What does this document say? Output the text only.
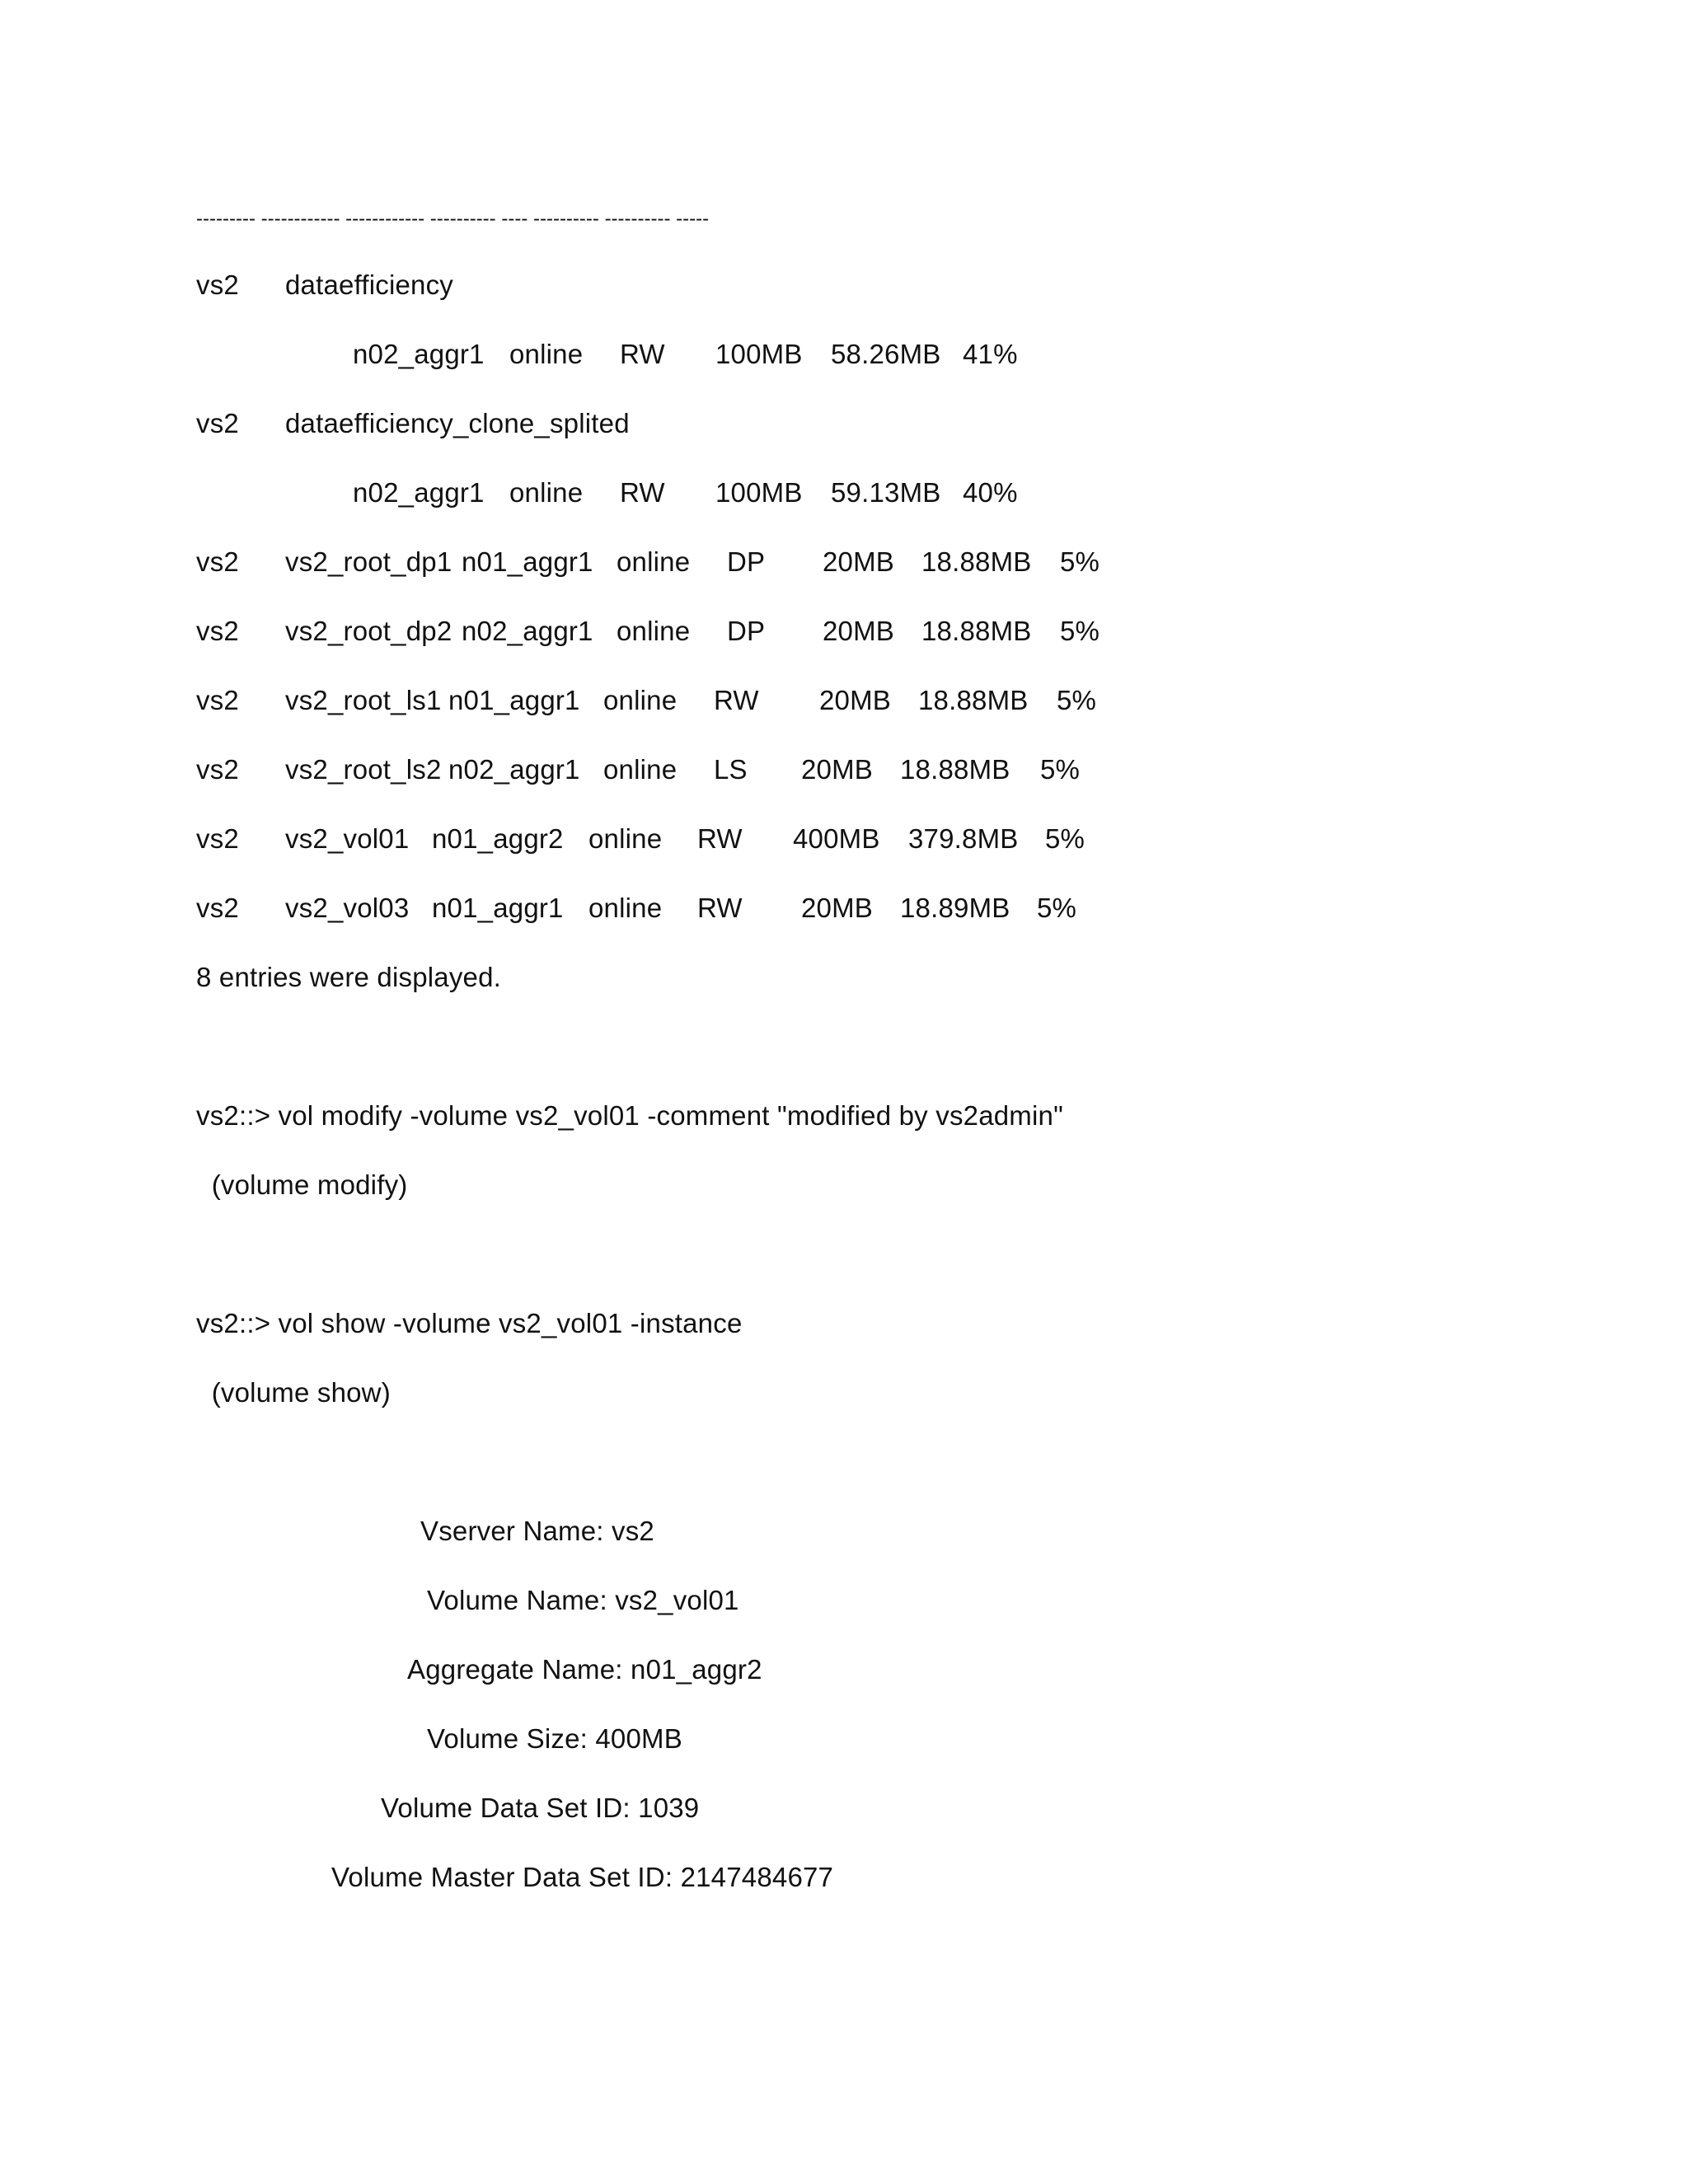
--------- ------------ ------------ ---------- ---- ---------- ---------- -----
vs2 dataefficiency
n02_aggr1 online RW 100MB 58.26MB 41%
vs2 dataefficiency_clone_splited
n02_aggr1 online RW 100MB 59.13MB 40%
vs2 vs2_root_dp1 n01_aggr1 online DP 20MB 18.88MB 5%
vs2 vs2_root_dp2 n02_aggr1 online DP 20MB 18.88MB 5%
vs2 vs2_root_ls1 n01_aggr1 online RW 20MB 18.88MB 5%
vs2 vs2_root_ls2 n02_aggr1 online LS 20MB 18.88MB 5%
vs2 vs2_vol01 n01_aggr2 online RW 400MB 379.8MB 5%
vs2 vs2_vol03 n01_aggr1 online RW 20MB 18.89MB 5%
8 entries were displayed.
vs2::> vol modify -volume vs2_vol01 -comment "modified by vs2admin"
(volume modify)
vs2::> vol show -volume vs2_vol01 -instance
(volume show)
Vserver Name: vs2
Volume Name: vs2_vol01
Aggregate Name: n01_aggr2
Volume Size: 400MB
Volume Data Set ID: 1039
Volume Master Data Set ID: 2147484677
